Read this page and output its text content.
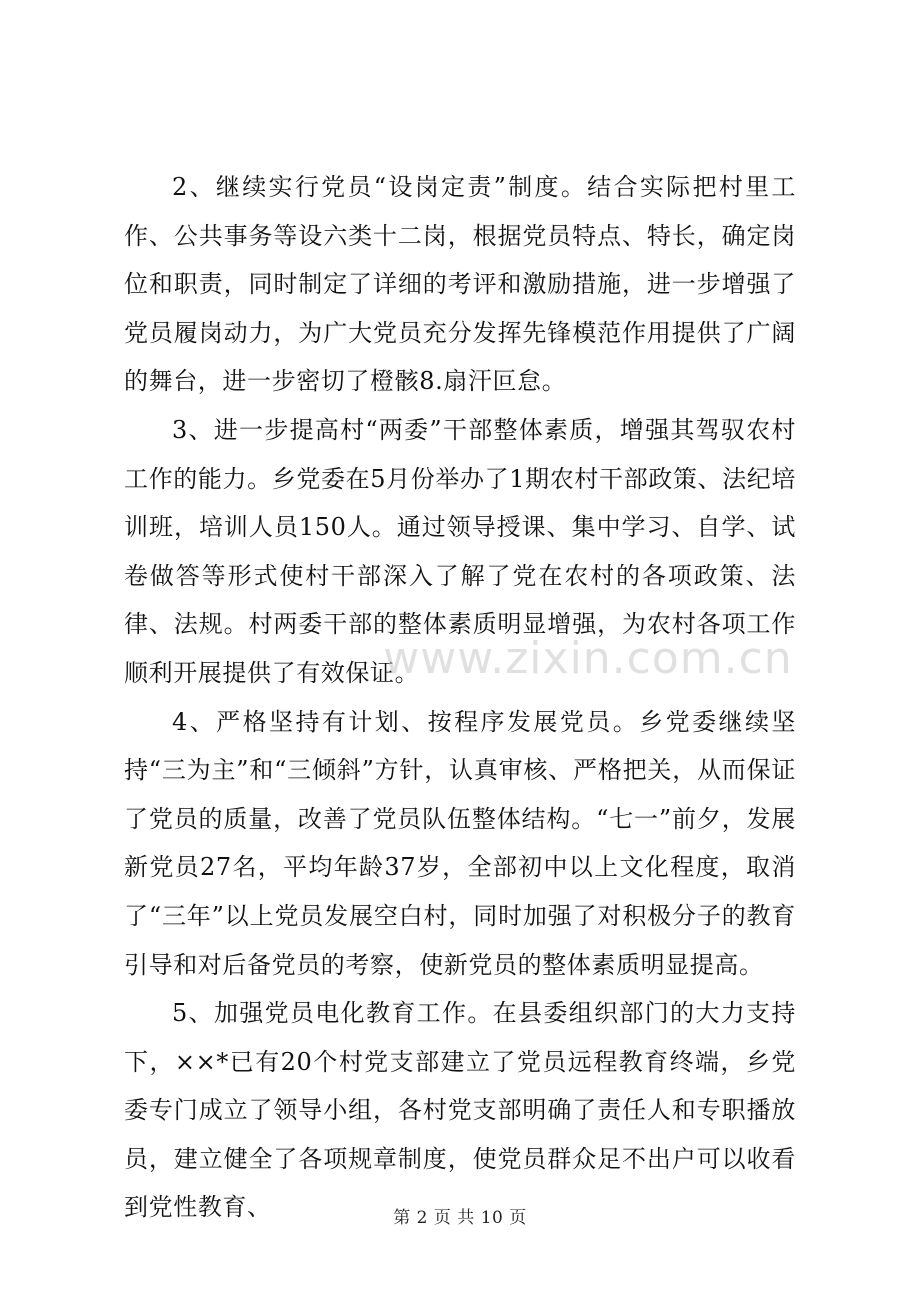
2、继续实行党员“设岗定责”制度。结合实际把村里工作、公共事务等设六类十二岗，根据党员特点、特长，确定岗位和职责，同时制定了详细的考评和激励措施，进一步增强了党员履岗动力，为广大党员充分发挥先锋模范作用提供了广阔的舞台，进一步密切了橙骸8.扇汗叵怠。

3、进一步提高村“两委”干部整体素质，增强其驾驭农村工作的能力。乡党委在5月份举办了1期农村干部政策、法纪培训班，培训人员150人。通过领导授课、集中学习、自学、试卷做答等形式使村干部深入了解了党在农村的各项政策、法律、法规。村两委干部的整体素质明显增强，为农村各项工作顺利开展提供了有效保证。

4、严格坚持有计划、按程序发展党员。乡党委继续坚持“三为主”和“三倾斜”方针，认真审核、严格把关，从而保证了党员的质量，改善了党员队伍整体结构。“七一”前夕，发展新党员27名，平均年龄37岁，全部初中以上文化程度，取消了“三年”以上党员发展空白村，同时加强了对积极分子的教育引导和对后备党员的考察，使新党员的整体素质明显提高。

5、加强党员电化教育工作。在县委组织部门的大力支持下，××*已有20个村党支部建立了党员远程教育终端，乡党委专门成立了领导小组，各村党支部明确了责任人和专职播放员，建立健全了各项规章制度，使党员群众足不出户可以收看到党性教育、

www.zixin.com.cn
第 2 页 共 10 页
